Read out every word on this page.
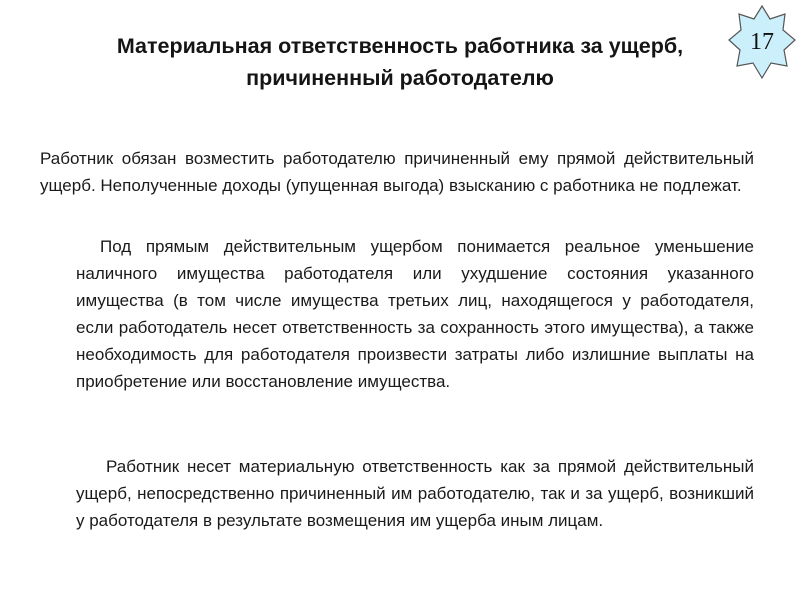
Материальная ответственность работника за ущерб,
причиненный работодателю
17

Работник обязан возместить работодателю причиненный ему прямой действительный ущерб. Неполученные доходы (упущенная выгода) взысканию с работника не подлежат.

Под прямым действительным ущербом понимается реальное уменьшение наличного имущества работодателя или ухудшение состояния указанного имущества (в том числе имущества третьих лиц, находящегося у работодателя, если работодатель несет ответственность за сохранность этого имущества), а также необходимость для работодателя произвести затраты либо излишние выплаты на приобретение или восстановление имущества.

Работник несет материальную ответственность как за прямой действительный ущерб, непосредственно причиненный им работодателю, так и за ущерб, возникший у работодателя в результате возмещения им ущерба иным лицам.
